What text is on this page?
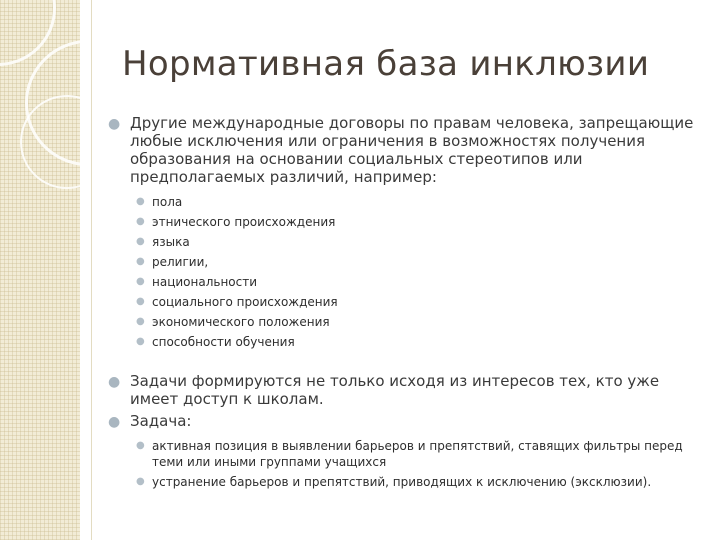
Нормативная база инклюзии
● Другие международные договоры по правам человека, запрещающие любые исключения или ограничения в возможностях получения образования на основании социальных стереотипов или предполагаемых различий, например:
● пола
● этнического происхождения
● языка
● религии,
● национальности
● социального происхождения
● экономического положения
● способности обучения
● Задачи формируются не только исходя из интересов тех, кто уже имеет доступ к школам.
● Задача:
● активная позиция в выявлении барьеров и препятствий, ставящих фильтры перед теми или иными группами учащихся
● устранение барьеров и препятствий, приводящих к исключению (эксклюзии).
